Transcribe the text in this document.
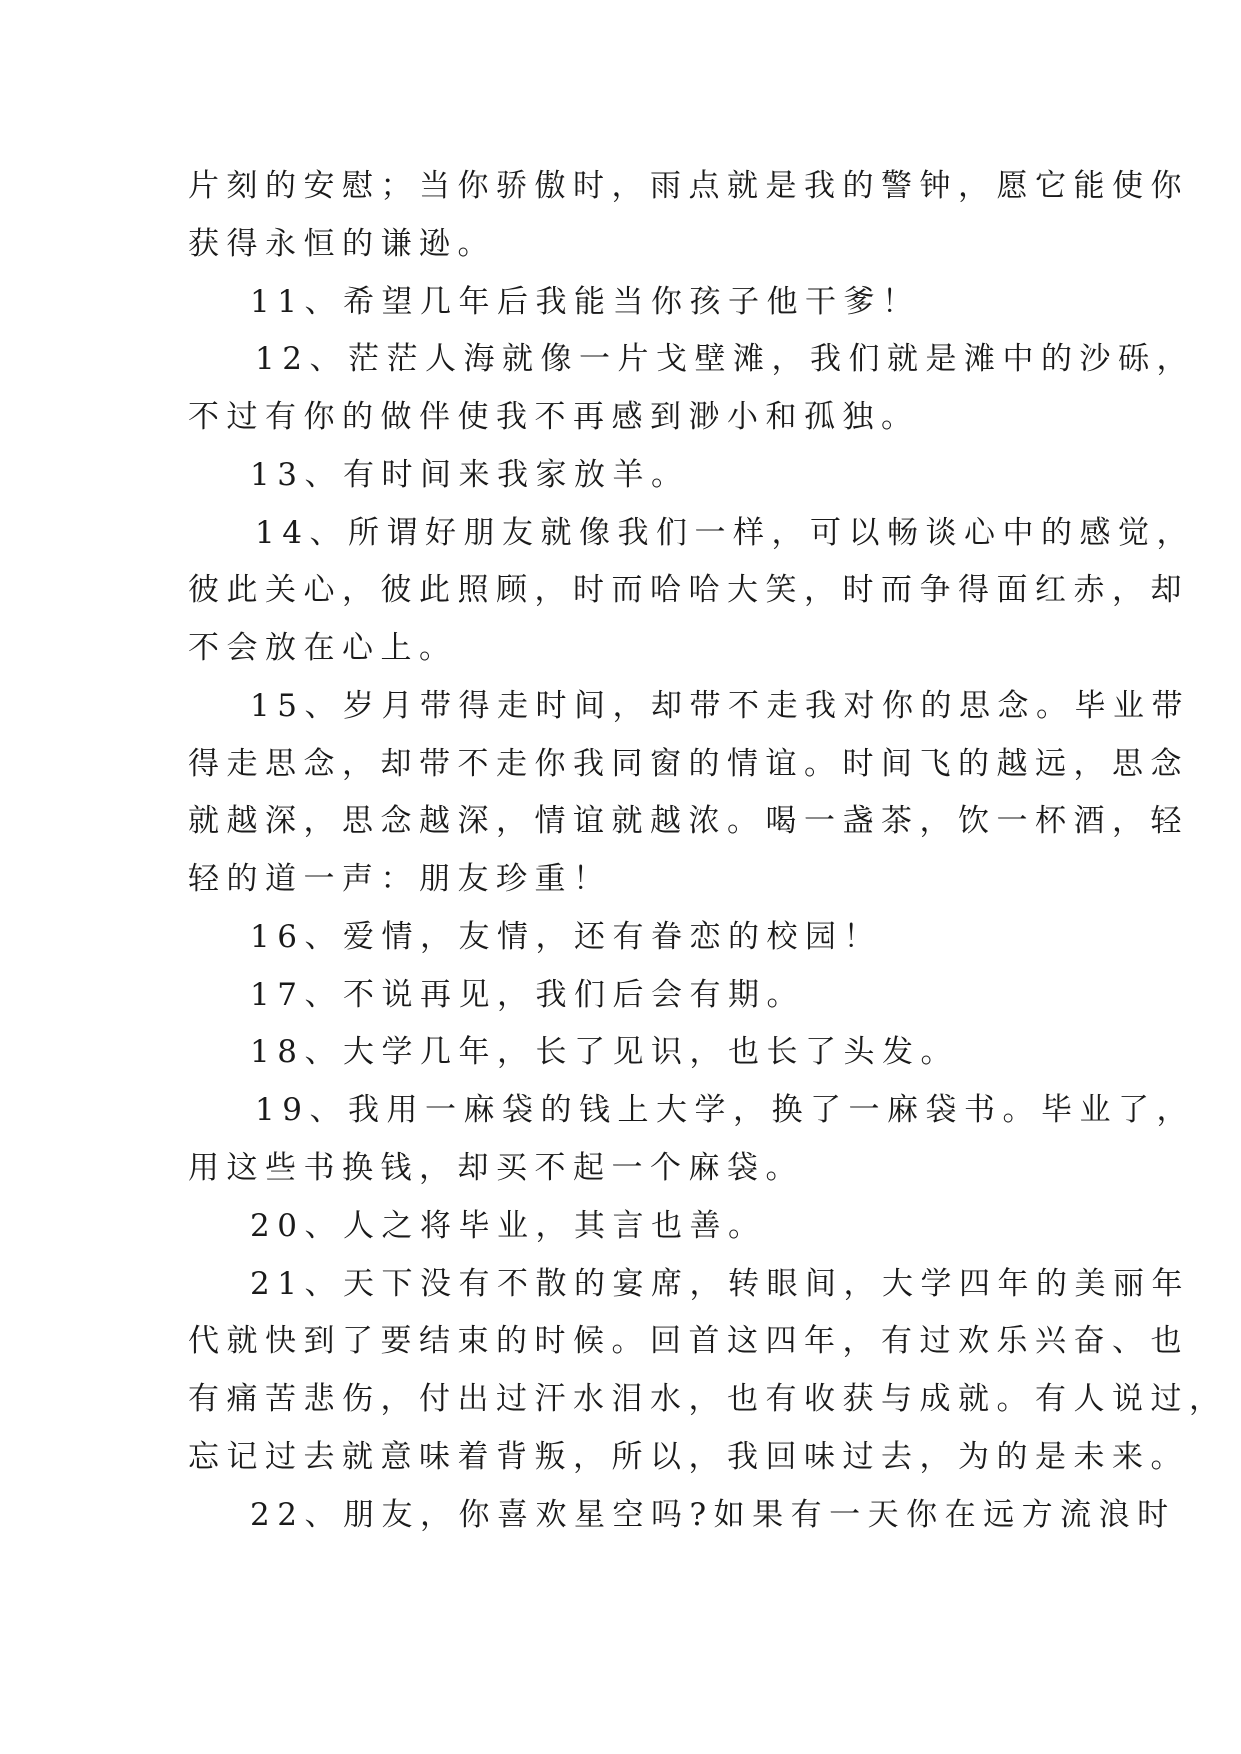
片刻的安慰；当你骄傲时，雨点就是我的警钟，愿它能使你
获得永恒的谦逊。
11、希望几年后我能当你孩子他干爹！
12、茫茫人海就像一片戈壁滩，我们就是滩中的沙砾，
不过有你的做伴使我不再感到渺小和孤独。
13、有时间来我家放羊。
14、所谓好朋友就像我们一样，可以畅谈心中的感觉，
彼此关心，彼此照顾，时而哈哈大笑，时而争得面红赤，却
不会放在心上。
15、岁月带得走时间，却带不走我对你的思念。毕业带
得走思念，却带不走你我同窗的情谊。时间飞的越远，思念
就越深，思念越深，情谊就越浓。喝一盏茶，饮一杯酒，轻
轻的道一声：朋友珍重！
16、爱情，友情，还有眷恋的校园！
17、不说再见，我们后会有期。
18、大学几年，长了见识，也长了头发。
19、我用一麻袋的钱上大学，换了一麻袋书。毕业了，
用这些书换钱，却买不起一个麻袋。
20、人之将毕业，其言也善。
21、天下没有不散的宴席，转眼间，大学四年的美丽年
代就快到了要结束的时候。回首这四年，有过欢乐兴奋、也
有痛苦悲伤，付出过汗水泪水，也有收获与成就。有人说过，
忘记过去就意味着背叛，所以，我回味过去，为的是未来。
22、朋友，你喜欢星空吗?如果有一天你在远方流浪时
